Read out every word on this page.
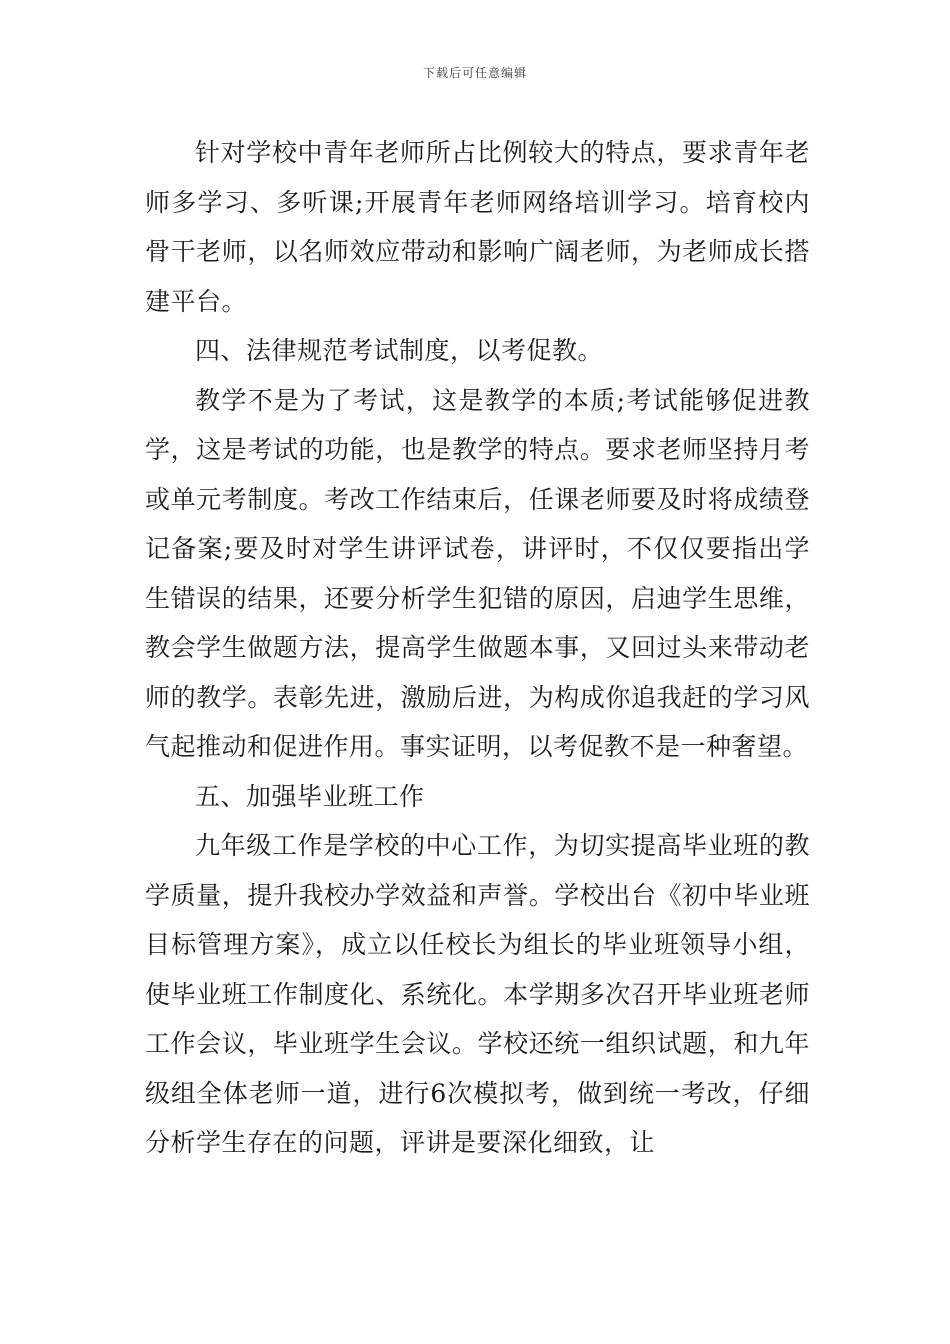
下载后可任意编辑

针对学校中青年老师所占比例较大的特点，要求青年老师多学习、多听课;开展青年老师网络培训学习。培育校内骨干老师，以名师效应带动和影响广阔老师，为老师成长搭建平台。

四、法律规范考试制度，以考促教。

教学不是为了考试，这是教学的本质;考试能够促进教学，这是考试的功能，也是教学的特点。要求老师坚持月考或单元考制度。考改工作结束后，任课老师要及时将成绩登记备案;要及时对学生讲评试卷，讲评时，不仅仅要指出学生错误的结果，还要分析学生犯错的原因，启迪学生思维，教会学生做题方法，提高学生做题本事，又回过头来带动老师的教学。表彰先进，激励后进，为构成你追我赶的学习风气起推动和促进作用。事实证明，以考促教不是一种奢望。

五、加强毕业班工作

九年级工作是学校的中心工作，为切实提高毕业班的教学质量，提升我校办学效益和声誉。学校出台《初中毕业班目标管理方案》，成立以任校长为组长的毕业班领导小组，使毕业班工作制度化、系统化。本学期多次召开毕业班老师工作会议，毕业班学生会议。学校还统一组织试题，和九年级组全体老师一道，进行6次模拟考，做到统一考改，仔细分析学生存在的问题，评讲是要深化细致，让
